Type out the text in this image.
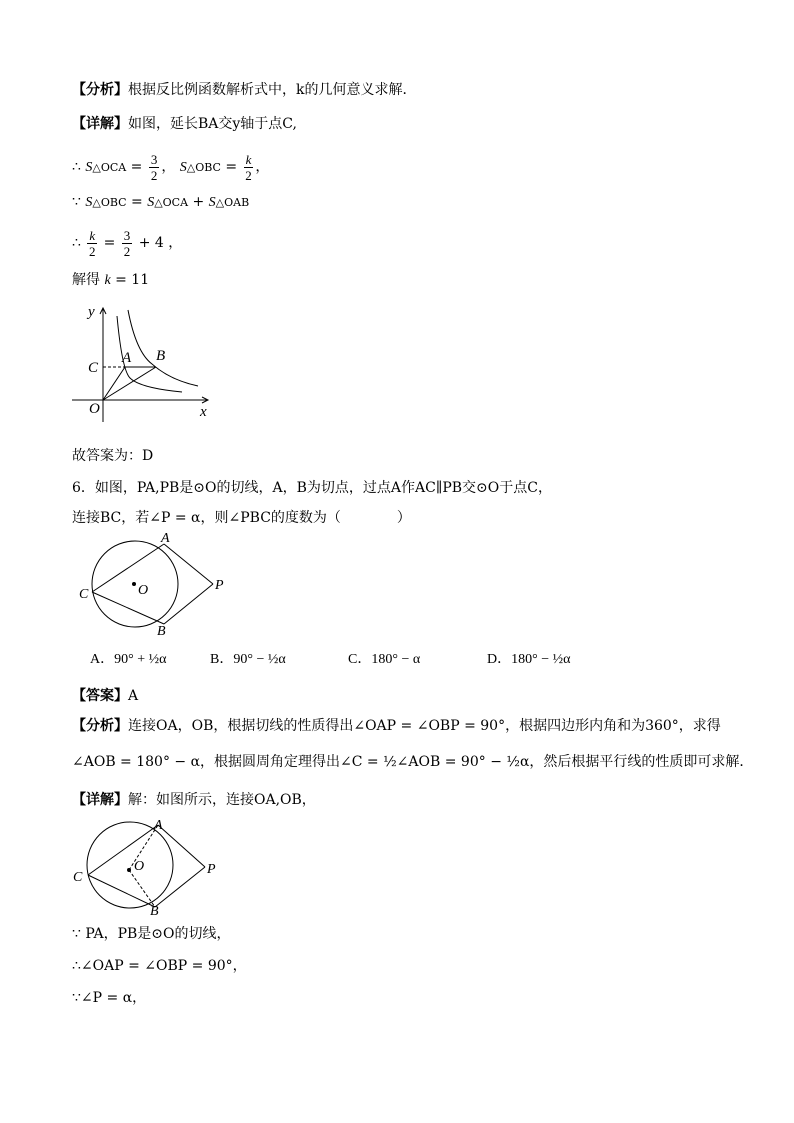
【分析】根据反比例函数解析式中，k的几何意义求解．
【详解】如图，延长BA交y轴于点C,
∴ S△OCA = $\frac{3}{2}$ ， S△OBC = $\frac{k}{2}$ ，
∵ S△OBC = S△OCA + S△OAB
∴ $\frac{k}{2} = \frac{3}{2} + 4$ ，
解得 k = 11
y
x
O
C
A B
故答案为：D
6．如图，PA,PB是⊙O的切线，A，B为切点，过点A作AC∥PB交⊙O于点C，
连接BC，若∠P = α，则∠PBC的度数为（　　　　）
O
A
C
P
B
A．90° + ½α	B．90° − ½α	C．180° − α	D．180° − ½α
【答案】A
【分析】连接OA，OB，根据切线的性质得出∠OAP = ∠OBP = 90°，根据四边形内角和为360°，求得
∠AOB = 180° − α，根据圆周角定理得出∠C = ½∠AOB = 90° − ½α，然后根据平行线的性质即可求解．
【详解】解：如图所示，连接OA,OB，
O
A
C
P
B
∵ PA，PB是⊙O的切线，
∴∠OAP = ∠OBP = 90°，
∵∠P = α，
